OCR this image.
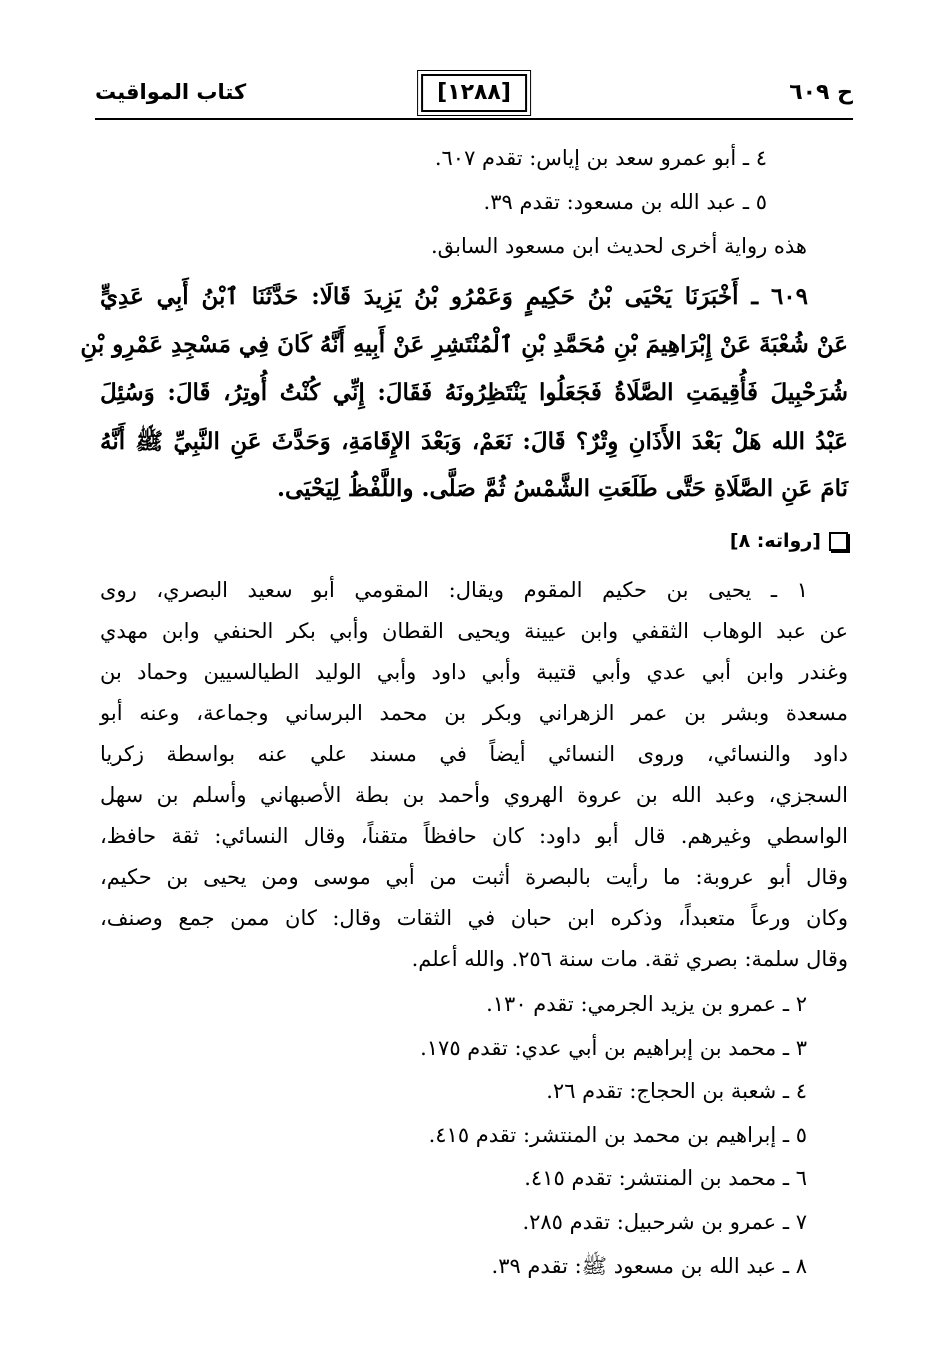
ح ٦٠٩
[١٢٨٨]
كتاب المواقيت
٤ ـ أبو عمرو سعد بن إياس: تقدم ٦٠٧.
٥ ـ عبد الله بن مسعود: تقدم ٣٩.
هذه رواية أخرى لحديث ابن مسعود السابق.
٦٠٩ ـ أَخْبَرَنَا يَحْيَى بْنُ حَكِيمٍ وَعَمْرُو بْنُ يَزِيدَ قَالَا: حَدَّثَنَا ٱبْنُ أَبِي عَدِيٍّ
عَنْ شُعْبَةَ عَنْ إِبْرَاهِيمَ بْنِ مُحَمَّدِ بْنِ ٱلْمُنْتَشِرِ عَنْ أَبِيهِ أَنَّهُ كَانَ فِي مَسْجِدِ عَمْرِو بْنِ
شُرَحْبِيلَ فَأُقِيمَتِ الصَّلَاةُ فَجَعَلُوا يَنْتَظِرُونَهُ فَقَالَ: إِنِّي كُنْتُ أُوتِرُ، قَالَ: وَسُئِلَ
عَبْدُ الله هَلْ بَعْدَ الأَذَانِ وِتْرٌ؟ قَالَ: نَعَمْ، وَبَعْدَ الإِقَامَةِ، وَحَدَّثَ عَنِ النَّبِيِّ ﷺ أَنَّهُ
نَامَ عَنِ الصَّلَاةِ حَتَّى طَلَعَتِ الشَّمْسُ ثُمَّ صَلَّى. واللَّفْظُ لِيَحْيَى.
[رواته: ٨]
١ ـ يحيى بن حكيم المقوم ويقال: المقومي أبو سعيد البصري، روى
عن عبد الوهاب الثقفي وابن عيينة ويحيى القطان وأبي بكر الحنفي وابن مهدي
وغندر وابن أبي عدي وأبي قتيبة وأبي داود وأبي الوليد الطيالسيين وحماد بن
مسعدة وبشر بن عمر الزهراني وبكر بن محمد البرساني وجماعة، وعنه أبو
داود والنسائي، وروى النسائي أيضاً في مسند علي عنه بواسطة زكريا
السجزي، وعبد الله بن عروة الهروي وأحمد بن بطة الأصبهاني وأسلم بن سهل
الواسطي وغيرهم. قال أبو داود: كان حافظاً متقناً، وقال النسائي: ثقة حافظ،
وقال أبو عروبة: ما رأيت بالبصرة أثبت من أبي موسى ومن يحيى بن حكيم،
وكان ورعاً متعبداً، وذكره ابن حبان في الثقات وقال: كان ممن جمع وصنف،
وقال سلمة: بصري ثقة. مات سنة ٢٥٦. والله أعلم.
٢ ـ عمرو بن يزيد الجرمي: تقدم ١٣٠.
٣ ـ محمد بن إبراهيم بن أبي عدي: تقدم ١٧٥.
٤ ـ شعبة بن الحجاج: تقدم ٢٦.
٥ ـ إبراهيم بن محمد بن المنتشر: تقدم ٤١٥.
٦ ـ محمد بن المنتشر: تقدم ٤١٥.
٧ ـ عمرو بن شرحبيل: تقدم ٢٨٥.
٨ ـ عبد الله بن مسعود ﷺ: تقدم ٣٩.
